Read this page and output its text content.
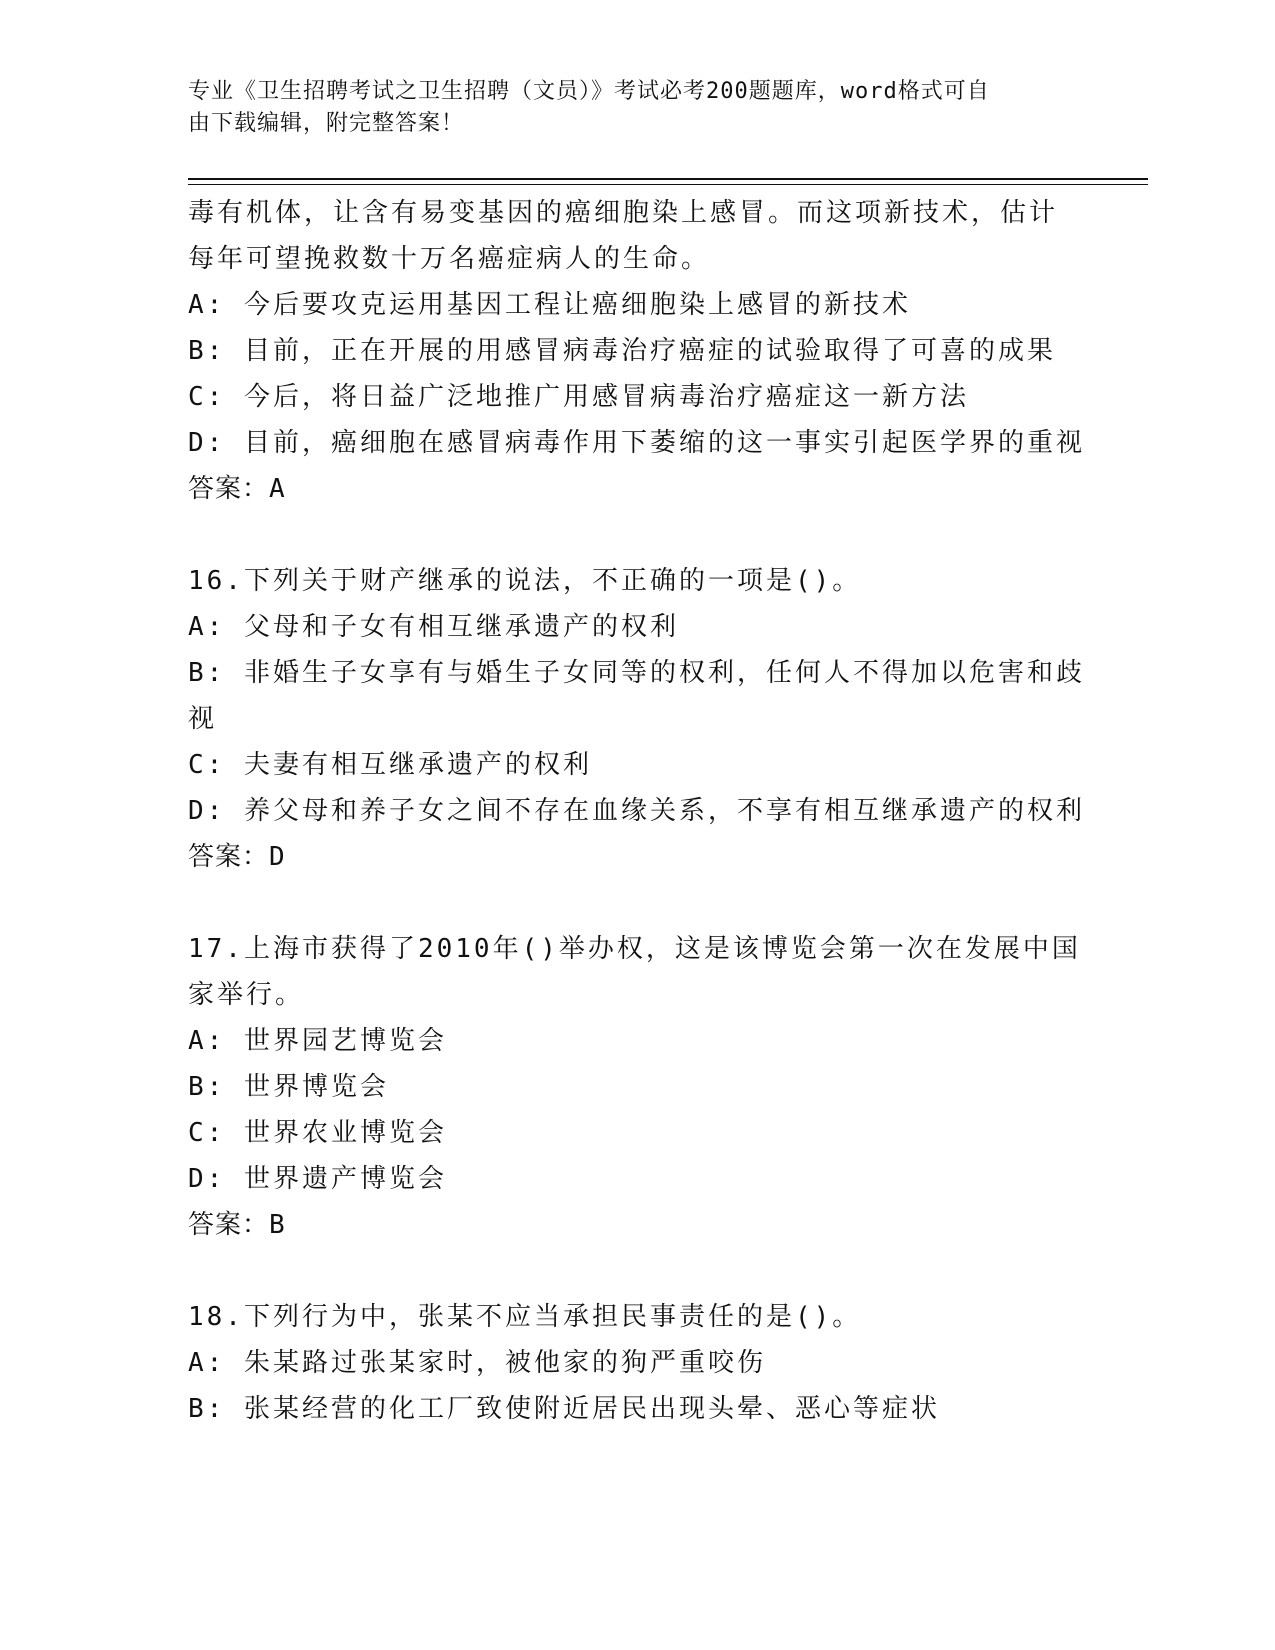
专业《卫生招聘考试之卫生招聘（文员）》考试必考200题题库，word格式可自
由下载编辑，附完整答案！
毒有机体，让含有易变基因的癌细胞染上感冒。而这项新技术，估计
每年可望挽救数十万名癌症病人的生命。
A: 今后要攻克运用基因工程让癌细胞染上感冒的新技术
B: 目前，正在开展的用感冒病毒治疗癌症的试验取得了可喜的成果
C: 今后，将日益广泛地推广用感冒病毒治疗癌症这一新方法
D: 目前，癌细胞在感冒病毒作用下萎缩的这一事实引起医学界的重视
答案：A
16.下列关于财产继承的说法，不正确的一项是()。
A: 父母和子女有相互继承遗产的权利
B: 非婚生子女享有与婚生子女同等的权利，任何人不得加以危害和歧
视
C: 夫妻有相互继承遗产的权利
D: 养父母和养子女之间不存在血缘关系，不享有相互继承遗产的权利
答案：D
17.上海市获得了2010年()举办权，这是该博览会第一次在发展中国
家举行。
A: 世界园艺博览会
B: 世界博览会
C: 世界农业博览会
D: 世界遗产博览会
答案：B
18.下列行为中，张某不应当承担民事责任的是()。
A: 朱某路过张某家时，被他家的狗严重咬伤
B: 张某经营的化工厂致使附近居民出现头晕、恶心等症状
